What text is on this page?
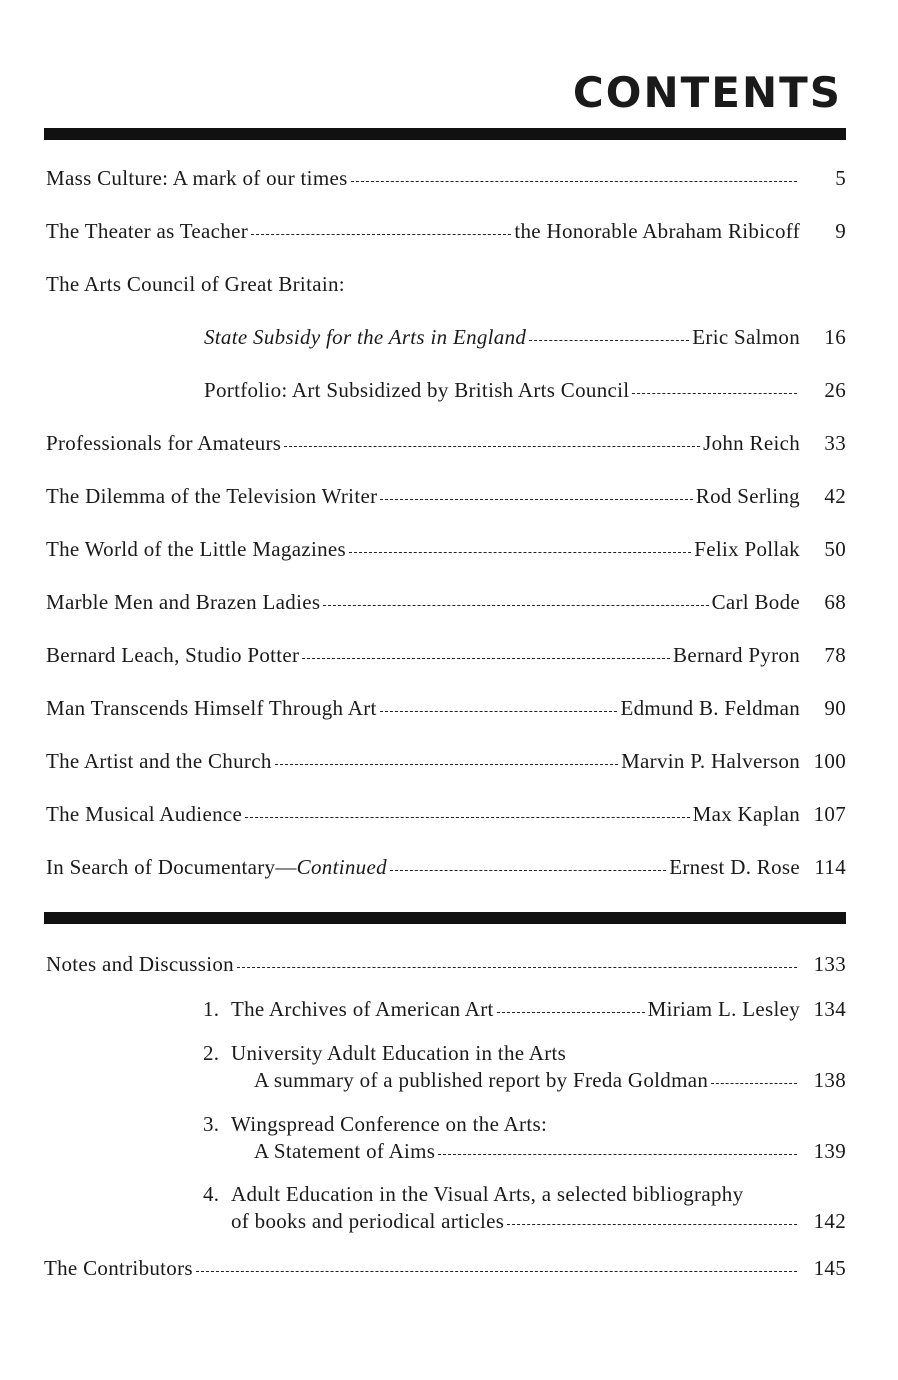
CONTENTS
Mass Culture: A mark of our times	5
The Theater as Teacher	the Honorable Abraham Ribicoff	9
The Arts Council of Great Britain:
State Subsidy for the Arts in England	Eric Salmon	16
Portfolio: Art Subsidized by British Arts Council	26
Professionals for Amateurs	John Reich	33
The Dilemma of the Television Writer	Rod Serling	42
The World of the Little Magazines	Felix Pollak	50
Marble Men and Brazen Ladies	Carl Bode	68
Bernard Leach, Studio Potter	Bernard Pyron	78
Man Transcends Himself Through Art	Edmund B. Feldman	90
The Artist and the Church	Marvin P. Halverson 100
The Musical Audience	Max Kaplan 107
In Search of Documentary—Continued	Ernest D. Rose 114
Notes and Discussion	133
1. The Archives of American Art	Miriam L. Lesley 134
2. University Adult Education in the Arts
A summary of a published report by Freda Goldman	138
3. Wingspread Conference on the Arts:
A Statement of Aims	139
4. Adult Education in the Visual Arts, a selected bibliography
of books and periodical articles	142
The Contributors	145
